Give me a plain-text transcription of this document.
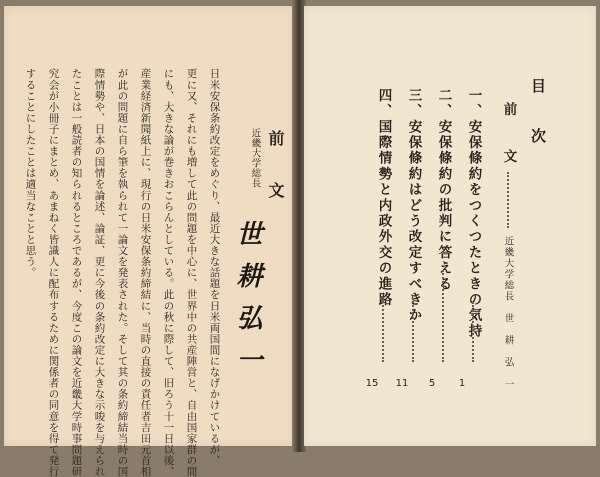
することにしたことは適当なことと思う。 究会が小冊子にまとめ、あまねく皆識人に配布するために関係者の同意を得て発行 たことは一般読者の知られるところであるが、今度この論文を近畿大学時事問題研 際情勢や、日本の国情を論述、論証、更に今後の条約改定に大きな示唆を与えられ が此の問題に自ら筆を執られて一論文を発表された。そして其の条約締結当時の国 産業経済新聞紙上に、現行の日米安保条約締結に、当時の直接の責任者吉田元首相 にも、大きな論が巻きおこらんとしている。此の秋に際して、旧ろう十一日以後、 更に又、それにも増して此の問題を中心に、世界中の共産陣営と、自由国家群の間 日米安保条約改定をめぐり、最近大きな話題を日米両国間になげかけているが、 世耕弘一
近畿大学総長 前　文
目　次
前　　文
近畿大学総長　世　耕　弘　一
一、安保條約をつくつたときの気持
1
二、安保條約の批判に答える
5
三、安保條約はどう改定すべきか
11
四、国際情勢と内政外交の進路
15
